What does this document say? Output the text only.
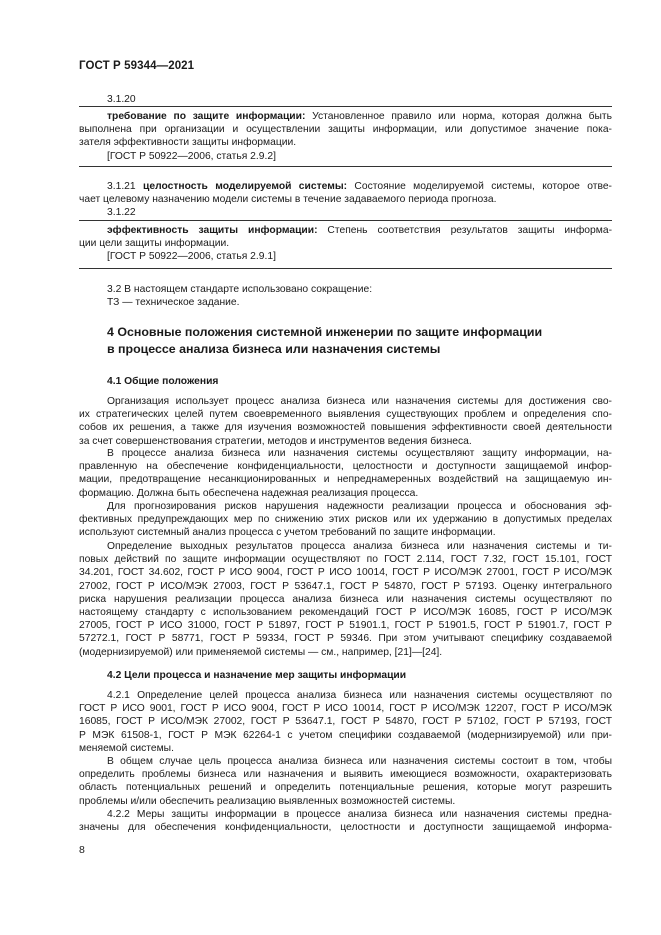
ГОСТ Р 59344—2021
3.1.20
требование по защите информации: Установленное правило или норма, которая должна быть
выполнена при организации и осуществлении защиты информации, или допустимое значение пока-
зателя эффективности защиты информации.
[ГОСТ Р 50922—2006, статья 2.9.2]
3.1.21 целостность моделируемой системы: Состояние моделируемой системы, которое отве-
чает целевому назначению модели системы в течение задаваемого периода прогноза.
3.1.22
эффективность защиты информации: Степень соответствия результатов защиты информа-
ции цели защиты информации.
[ГОСТ Р 50922—2006, статья 2.9.1]
3.2 В настоящем стандарте использовано сокращение:
ТЗ — техническое задание.
4 Основные положения системной инженерии по защите информации
в процессе анализа бизнеса или назначения системы
4.1 Общие положения
Организация использует процесс анализа бизнеса или назначения системы для достижения сво-
их стратегических целей путем своевременного выявления существующих проблем и определения спо-
собов их решения, а также для изучения возможностей повышения эффективности своей деятельности
за счет совершенствования стратегии, методов и инструментов ведения бизнеса.
В процессе анализа бизнеса или назначения системы осуществляют защиту информации, на-
правленную на обеспечение конфиденциальности, целостности и доступности защищаемой инфор-
мации, предотвращение несанкционированных и непреднамеренных воздействий на защищаемую ин-
формацию. Должна быть обеспечена надежная реализация процесса.
Для прогнозирования рисков нарушения надежности реализации процесса и обоснования эф-
фективных предупреждающих мер по снижению этих рисков или их удержанию в допустимых пределах
используют системный анализ процесса с учетом требований по защите информации.
Определение выходных результатов процесса анализа бизнеса или назначения системы и ти-
повых действий по защите информации осуществляют по ГОСТ 2.114, ГОСТ 7.32, ГОСТ 15.101, ГОСТ
34.201, ГОСТ 34.602, ГОСТ Р ИСО 9004, ГОСТ Р ИСО 10014, ГОСТ Р ИСО/МЭК 27001, ГОСТ Р ИСО/МЭК
27002, ГОСТ Р ИСО/МЭК 27003, ГОСТ Р 53647.1, ГОСТ Р 54870, ГОСТ Р 57193. Оценку интегрального
риска нарушения реализации процесса анализа бизнеса или назначения системы осуществляют по
настоящему стандарту с использованием рекомендаций ГОСТ Р ИСО/МЭК 16085, ГОСТ Р ИСО/МЭК
27005, ГОСТ Р ИСО 31000, ГОСТ Р 51897, ГОСТ Р 51901.1, ГОСТ Р 51901.5, ГОСТ Р 51901.7, ГОСТ Р
57272.1, ГОСТ Р 58771, ГОСТ Р 59334, ГОСТ Р 59346. При этом учитывают специфику создаваемой
(модернизируемой) или применяемой системы — см., например, [21]—[24].
4.2 Цели процесса и назначение мер защиты информации
4.2.1 Определение целей процесса анализа бизнеса или назначения системы осуществляют по
ГОСТ Р ИСО 9001, ГОСТ Р ИСО 9004, ГОСТ Р ИСО 10014, ГОСТ Р ИСО/МЭК 12207, ГОСТ Р ИСО/МЭК
16085, ГОСТ Р ИСО/МЭК 27002, ГОСТ Р 53647.1, ГОСТ Р 54870, ГОСТ Р 57102, ГОСТ Р 57193, ГОСТ
Р МЭК 61508-1, ГОСТ Р МЭК 62264-1 с учетом специфики создаваемой (модернизируемой) или при-
меняемой системы.
В общем случае цель процесса анализа бизнеса или назначения системы состоит в том, чтобы
определить проблемы бизнеса или назначения и выявить имеющиеся возможности, охарактеризовать
область потенциальных решений и определить потенциальные решения, которые могут разрешить
проблемы и/или обеспечить реализацию выявленных возможностей системы.
4.2.2 Меры защиты информации в процессе анализа бизнеса или назначения системы предна-
значены для обеспечения конфиденциальности, целостности и доступности защищаемой информа-
8
